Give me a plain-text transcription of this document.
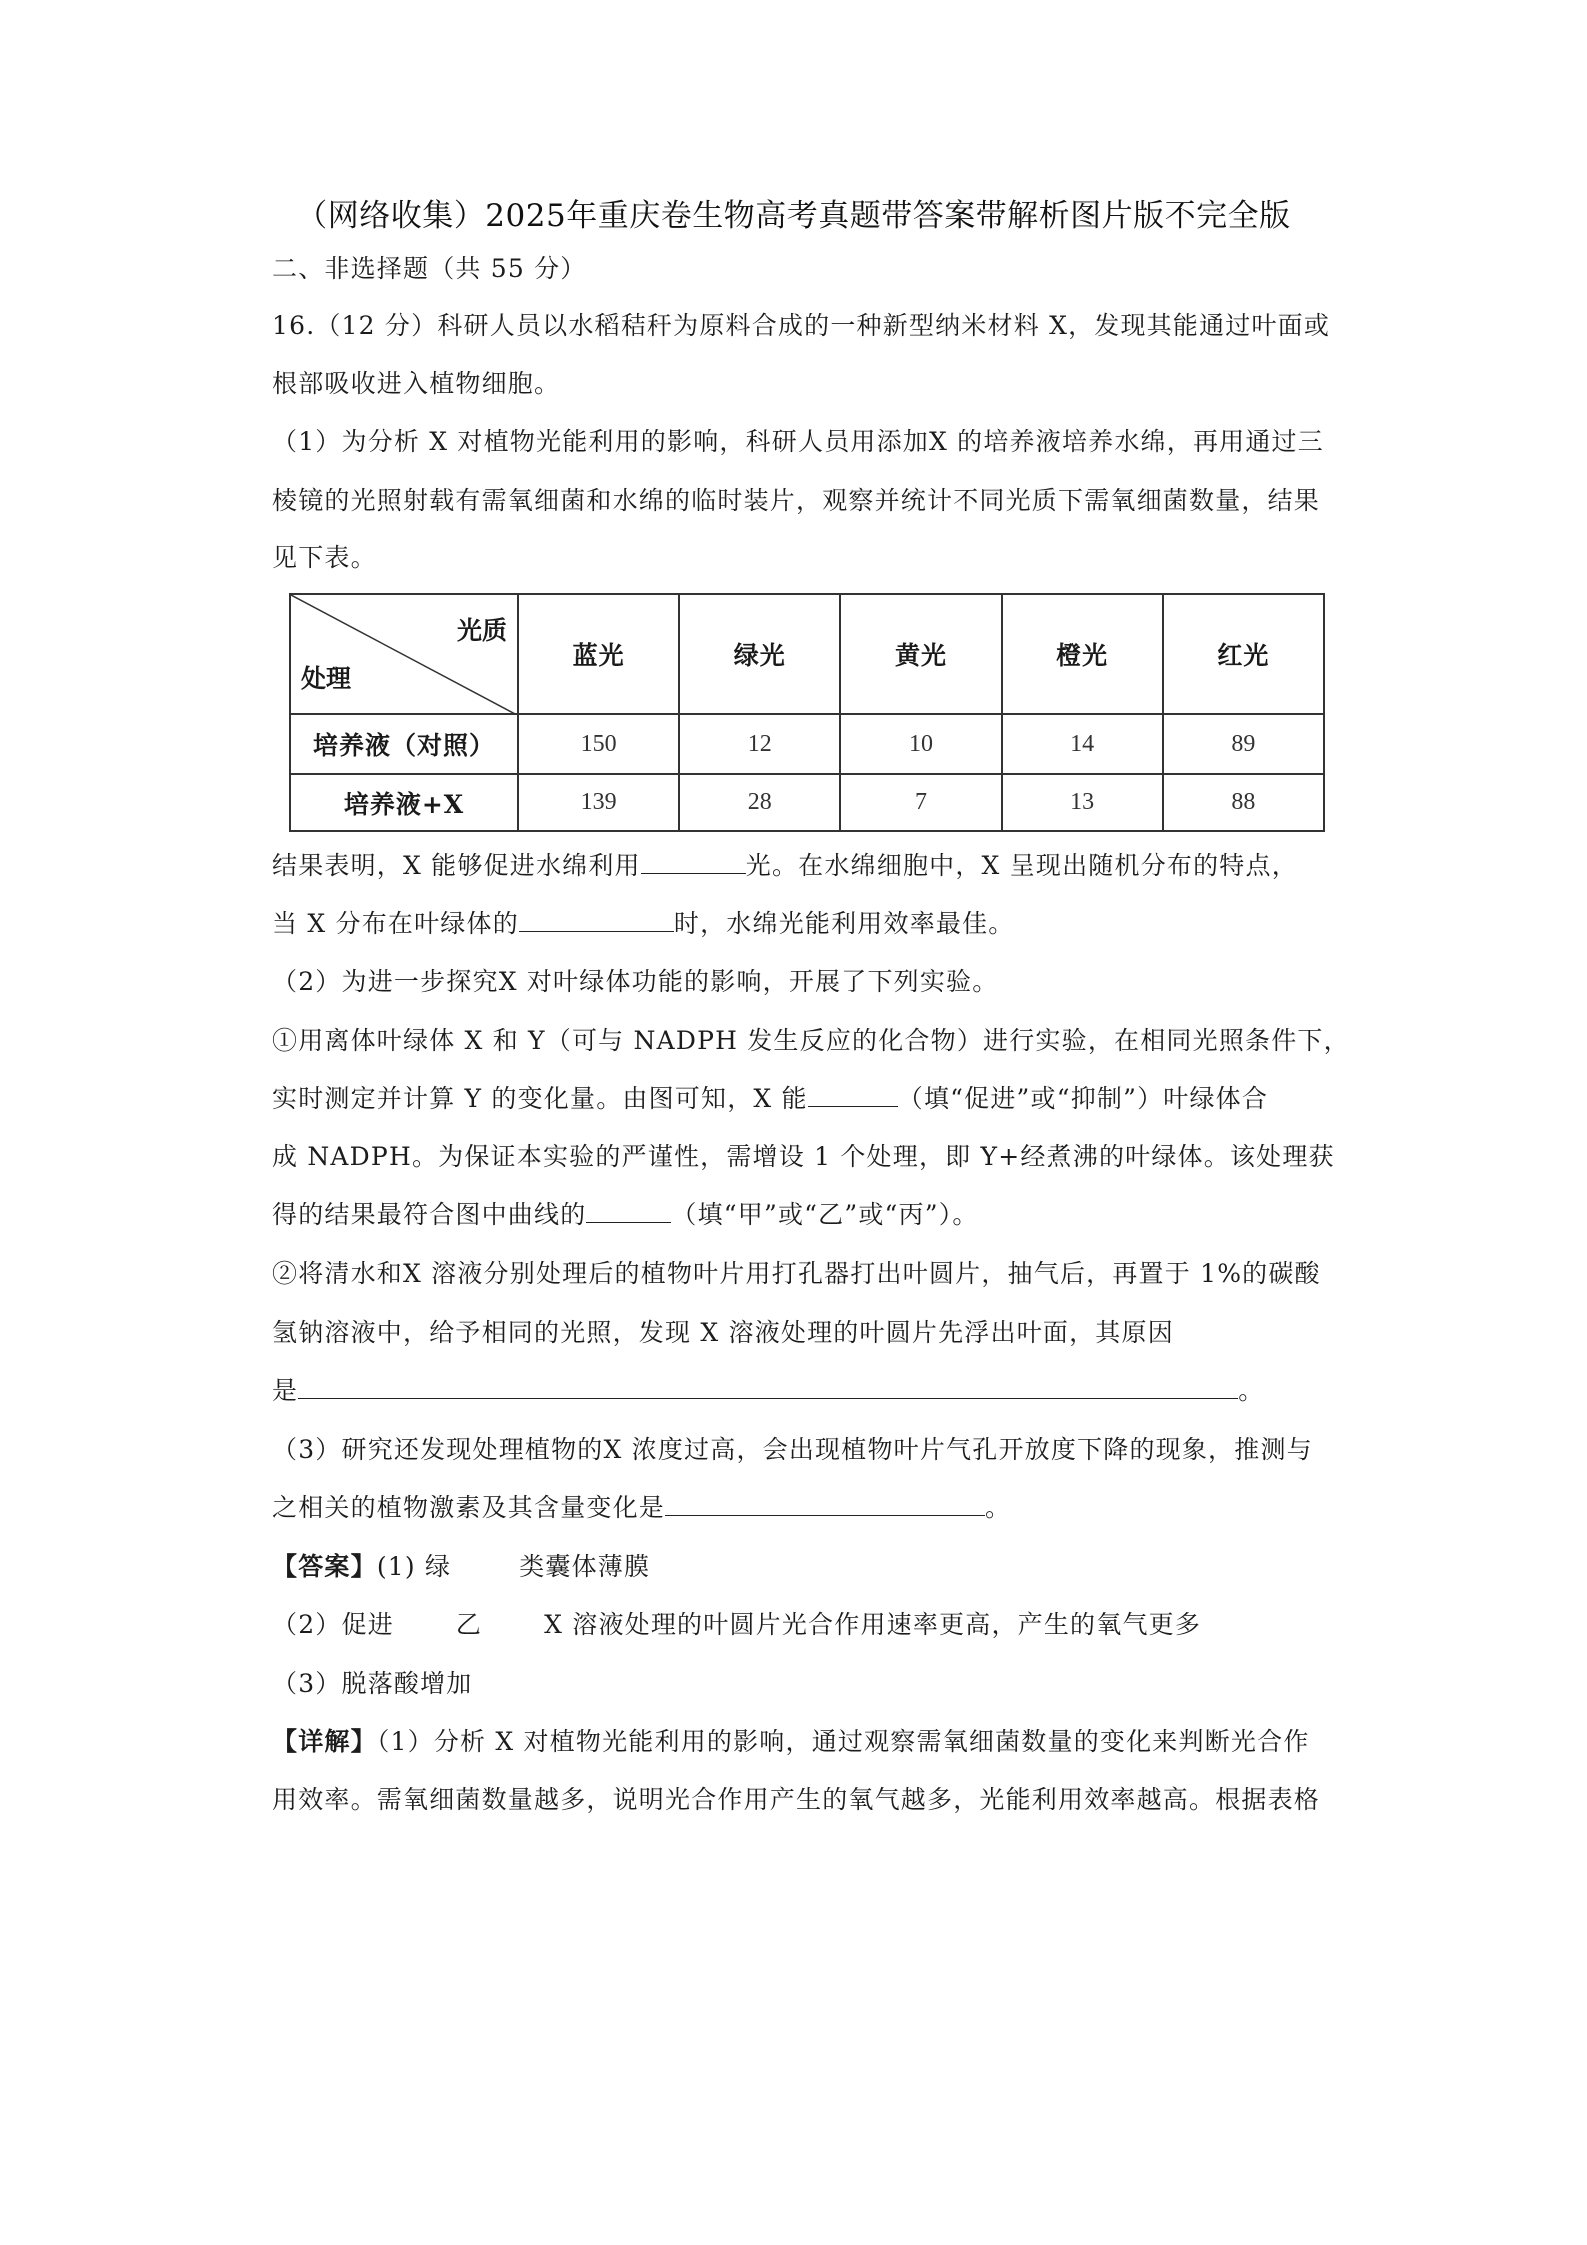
（网络收集）2025年重庆卷生物高考真题带答案带解析图片版不完全版
二、非选择题（共 55 分）
16.（12 分）科研人员以水稻秸秆为原料合成的一种新型纳米材料 X，发现其能通过叶面或
根部吸收进入植物细胞。
（1）为分析 X 对植物光能利用的影响，科研人员用添加X 的培养液培养水绵，再用通过三
棱镜的光照射载有需氧细菌和水绵的临时装片，观察并统计不同光质下需氧细菌数量，结果
见下表。
光质
处理	蓝光	绿光	黄光	橙光	红光
培养液（对照）	150	12	10	14	89
培养液+X	139	28	7	13	88
结果表明，X 能够促进水绵利用	光。在水绵细胞中，X 呈现出随机分布的特点，
当 X 分布在叶绿体的	时，水绵光能利用效率最佳。
（2）为进一步探究X 对叶绿体功能的影响，开展了下列实验。
①用离体叶绿体 X 和 Y（可与 NADPH 发生反应的化合物）进行实验，在相同光照条件下，
实时测定并计算 Y 的变化量。由图可知，X 能	（填“促进”或“抑制”）叶绿体合
成 NADPH。为保证本实验的严谨性，需增设 1 个处理，即 Y+经煮沸的叶绿体。该处理获
得的结果最符合图中曲线的	（填“甲”或“乙”或“丙”）。
②将清水和X 溶液分别处理后的植物叶片用打孔器打出叶圆片，抽气后，再置于 1%的碳酸
氢钠溶液中，给予相同的光照，发现 X 溶液处理的叶圆片先浮出叶面，其原因
是	。
（3）研究还发现处理植物的X 浓度过高，会出现植物叶片气孔开放度下降的现象，推测与
之相关的植物激素及其含量变化是	。
【答案】(1) 绿	类囊体薄膜
（2）促进 乙 X 溶液处理的叶圆片光合作用速率更高，产生的氧气更多
（3）脱落酸增加
【详解】（1）分析 X 对植物光能利用的影响，通过观察需氧细菌数量的变化来判断光合作
用效率。需氧细菌数量越多，说明光合作用产生的氧气越多，光能利用效率越高。根据表格
